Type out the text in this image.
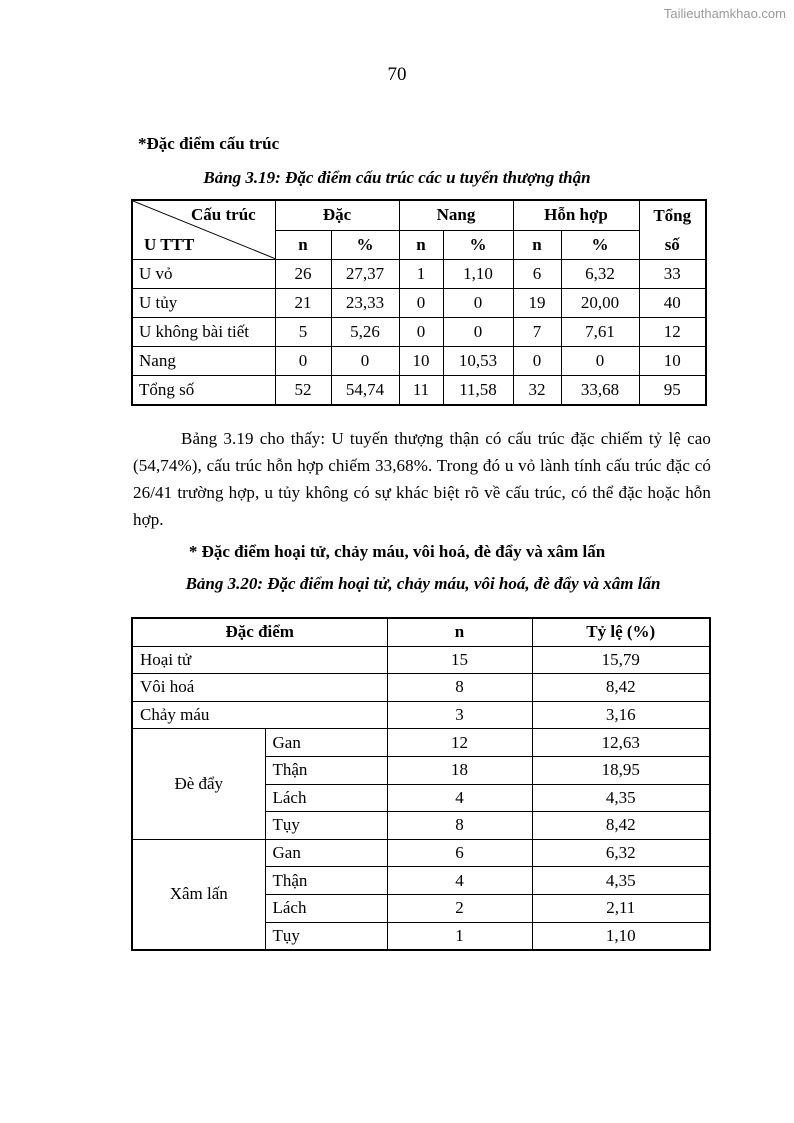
Tailieuthamkhao.com
70
*Đặc điểm cấu trúc
Bảng 3.19: Đặc điểm cấu trúc các u tuyến thượng thận
Cấu trúc
U TTT	Đặc		Nang		Hỗn hợp		Tổng
	n	%	n	%	n	%	số
U vỏ	26	27,37	1	1,10	6	6,32	33
U tủy	21	23,33	0	0	19	20,00	40
U không bài tiết	5	5,26	0	0	7	7,61	12
Nang	0	0	10	10,53	0	0	10
Tổng số	52	54,74	11	11,58	32	33,68	95

Bảng 3.19 cho thấy: U tuyến thượng thận có cấu trúc đặc chiếm tỷ lệ cao (54,74%), cấu trúc hỗn hợp chiếm 33,68%. Trong đó u vỏ lành tính cấu trúc đặc có 26/41 trường hợp, u tủy không có sự khác biệt rõ về cấu trúc, có thể đặc hoặc hỗn hợp.

* Đặc điểm hoại tử, chảy máu, vôi hoá, đè đẩy và xâm lấn
Bảng 3.20: Đặc điểm hoại tử, chảy máu, vôi hoá, đè đẩy và xâm lấn
Đặc điểm		n	Tỷ lệ (%)
Hoại tử		15	15,79
Vôi hoá		8	8,42
Chảy máu		3	3,16
Đè đẩy	Gan	12	12,63
	Thận	18	18,95
	Lách	4	4,35
	Tụy	8	8,42
Xâm lấn	Gan	6	6,32
	Thận	4	4,35
	Lách	2	2,11
	Tụy	1	1,10
